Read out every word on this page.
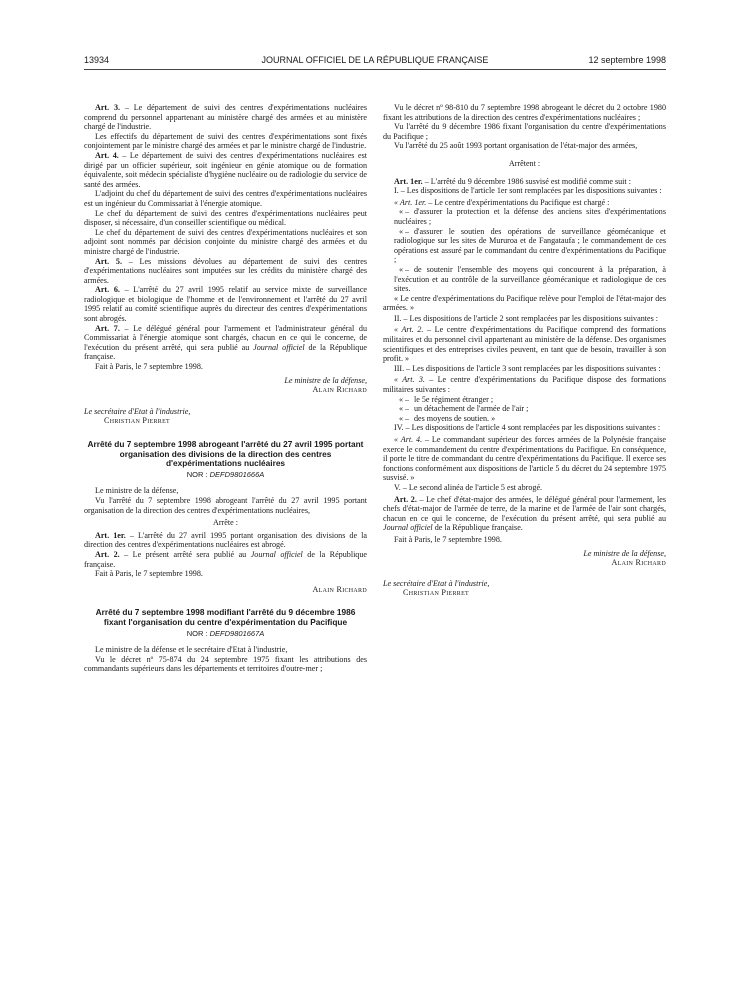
13934	JOURNAL OFFICIEL DE LA RÉPUBLIQUE FRANÇAISE	12 septembre 1998

Art. 3. – Le département de suivi des centres d'expérimentations nucléaires comprend du personnel appartenant au ministère chargé des armées et au ministère chargé de l'industrie.

Les effectifs du département de suivi des centres d'expérimentations sont fixés conjointement par le ministre chargé des armées et par le ministre chargé de l'industrie.

Art. 4. – Le département de suivi des centres d'expérimentations nucléaires est dirigé par un officier supérieur, soit ingénieur en génie atomique ou de formation équivalente, soit médecin spécialiste d'hygiène nucléaire ou de radiologie du service de santé des armées.

L'adjoint du chef du département de suivi des centres d'expérimentations nucléaires est un ingénieur du Commissariat à l'énergie atomique.

Le chef du département de suivi des centres d'expérimentations nucléaires peut disposer, si nécessaire, d'un conseiller scientifique ou médical.

Le chef du département de suivi des centres d'expérimentations nucléaires et son adjoint sont nommés par décision conjointe du ministre chargé des armées et du ministre chargé de l'industrie.

Art. 5. – Les missions dévolues au département de suivi des centres d'expérimentations nucléaires sont imputées sur les crédits du ministère chargé des armées.

Art. 6. – L'arrêté du 27 avril 1995 relatif au service mixte de surveillance radiologique et biologique de l'homme et de l'environnement et l'arrêté du 27 avril 1995 relatif au comité scientifique auprès du directeur des centres d'expérimentations sont abrogés.

Art. 7. – Le délégué général pour l'armement et l'administrateur général du Commissariat à l'énergie atomique sont chargés, chacun en ce qui le concerne, de l'exécution du présent arrêté, qui sera publié au Journal officiel de la République française.

Fait à Paris, le 7 septembre 1998.

Le ministre de la défense,

Alain Richard

Le secrétaire d'Etat à l'industrie,

Christian Pierret

Arrêté du 7 septembre 1998 abrogeant l'arrêté du 27 avril 1995 portant organisation des divisions de la direction des centres d'expérimentations nucléaires
NOR : DEFD9801666A

Le ministre de la défense,

Vu l'arrêté du 7 septembre 1998 abrogeant l'arrêté du 27 avril 1995 portant organisation de la direction des centres d'expérimentations nucléaires,

Arrête :

Art. 1er. – L'arrêté du 27 avril 1995 portant organisation des divisions de la direction des centres d'expérimentations nucléaires est abrogé.

Art. 2. – Le présent arrêté sera publié au Journal officiel de la République française.

Fait à Paris, le 7 septembre 1998.

Alain Richard

Arrêté du 7 septembre 1998 modifiant l'arrêté du 9 décembre 1986 fixant l'organisation du centre d'expérimentation du Pacifique
NOR : DEFD9801667A

Le ministre de la défense et le secrétaire d'Etat à l'industrie,

Vu le décret nº 75-874 du 24 septembre 1975 fixant les attributions des commandants supérieurs dans les départements et territoires d'outre-mer ;

Vu le décret nº 98-810 du 7 septembre 1998 abrogeant le décret du 2 octobre 1980 fixant les attributions de la direction des centres d'expérimentations nucléaires ;

Vu l'arrêté du 9 décembre 1986 fixant l'organisation du centre d'expérimentations du Pacifique ;

Vu l'arrêté du 25 août 1993 portant organisation de l'état-major des armées,

Arrêtent :

Art. 1er. – L'arrêté du 9 décembre 1986 susvisé est modifié comme suit :

I. – Les dispositions de l'article 1er sont remplacées par les dispositions suivantes :

« Art. 1er. – Le centre d'expérimentations du Pacifique est chargé :

« – d'assurer la protection et la défense des anciens sites d'expérimentations nucléaires ;

« – d'assurer le soutien des opérations de surveillance géomécanique et radiologique sur les sites de Mururoa et de Fangataufa ; le commandement de ces opérations est assuré par le commandant du centre d'expérimentations du Pacifique ;

« – de soutenir l'ensemble des moyens qui concourent à la préparation, à l'exécution et au contrôle de la surveillance géomécanique et radiologique de ces sites.

« Le centre d'expérimentations du Pacifique relève pour l'emploi de l'état-major des armées. »

II. – Les dispositions de l'article 2 sont remplacées par les dispositions suivantes :

« Art. 2. – Le centre d'expérimentations du Pacifique comprend des formations militaires et du personnel civil appartenant au ministère de la défense. Des organismes scientifiques et des entreprises civiles peuvent, en tant que de besoin, travailler à son profit. »

III. – Les dispositions de l'article 3 sont remplacées par les dispositions suivantes :

« Art. 3. – Le centre d'expérimentations du Pacifique dispose des formations militaires suivantes :

« – le 5e régiment étranger ;

« – un détachement de l'armée de l'air ;

« – des moyens de soutien. »

IV. – Les dispositions de l'article 4 sont remplacées par les dispositions suivantes :

« Art. 4. – Le commandant supérieur des forces armées de la Polynésie française exerce le commandement du centre d'expérimentations du Pacifique. En conséquence, il porte le titre de commandant du centre d'expérimentations du Pacifique. Il exerce ses fonctions conformément aux dispositions de l'article 5 du décret du 24 septembre 1975 susvisé. »

V. – Le second alinéa de l'article 5 est abrogé.

Art. 2. – Le chef d'état-major des armées, le délégué général pour l'armement, les chefs d'état-major de l'armée de terre, de la marine et de l'armée de l'air sont chargés, chacun en ce qui le concerne, de l'exécution du présent arrêté, qui sera publié au Journal officiel de la République française.

Fait à Paris, le 7 septembre 1998.

Le ministre de la défense,

Alain Richard

Le secrétaire d'Etat à l'industrie,

Christian Pierret
